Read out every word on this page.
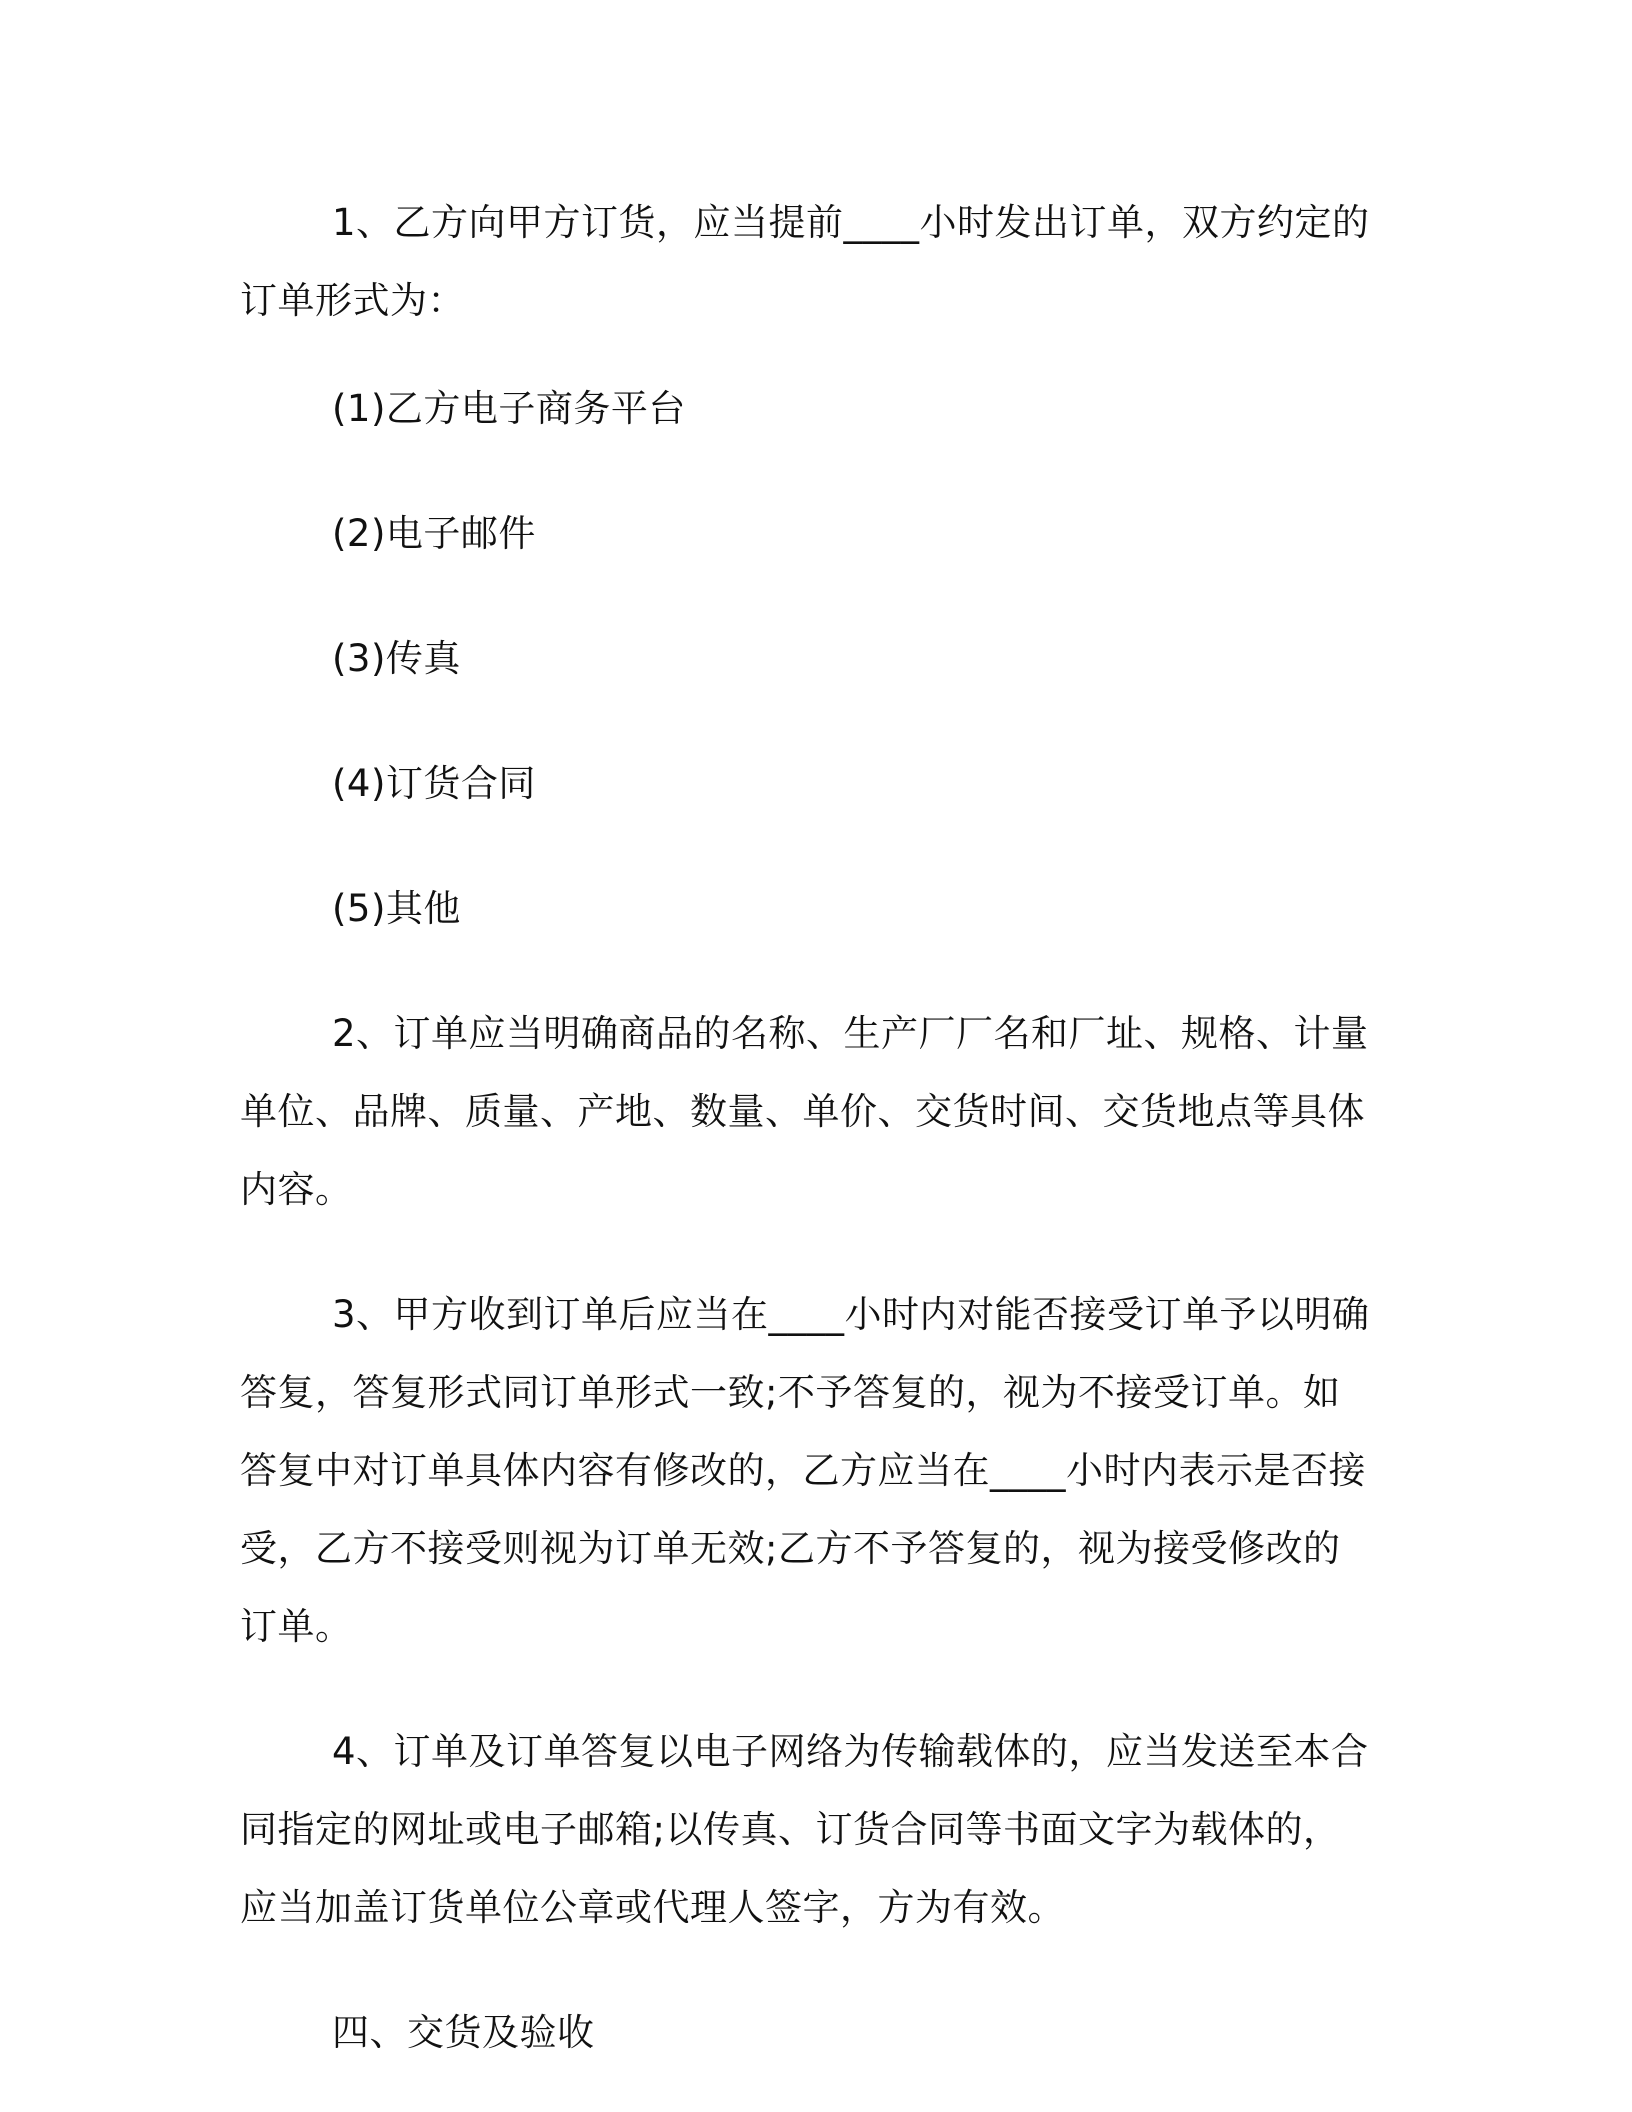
1、乙方向甲方订货，应当提前____小时发出订单，双方约定的订单形式为：

(1)乙方电子商务平台

(2)电子邮件

(3)传真

(4)订货合同

(5)其他

2、订单应当明确商品的名称、生产厂厂名和厂址、规格、计量单位、品牌、质量、产地、数量、单价、交货时间、交货地点等具体内容。

3、甲方收到订单后应当在____小时内对能否接受订单予以明确答复，答复形式同订单形式一致;不予答复的，视为不接受订单。如答复中对订单具体内容有修改的，乙方应当在____小时内表示是否接受，乙方不接受则视为订单无效;乙方不予答复的，视为接受修改的订单。

4、订单及订单答复以电子网络为传输载体的，应当发送至本合同指定的网址或电子邮箱;以传真、订货合同等书面文字为载体的，应当加盖订货单位公章或代理人签字，方为有效。

四、交货及验收
